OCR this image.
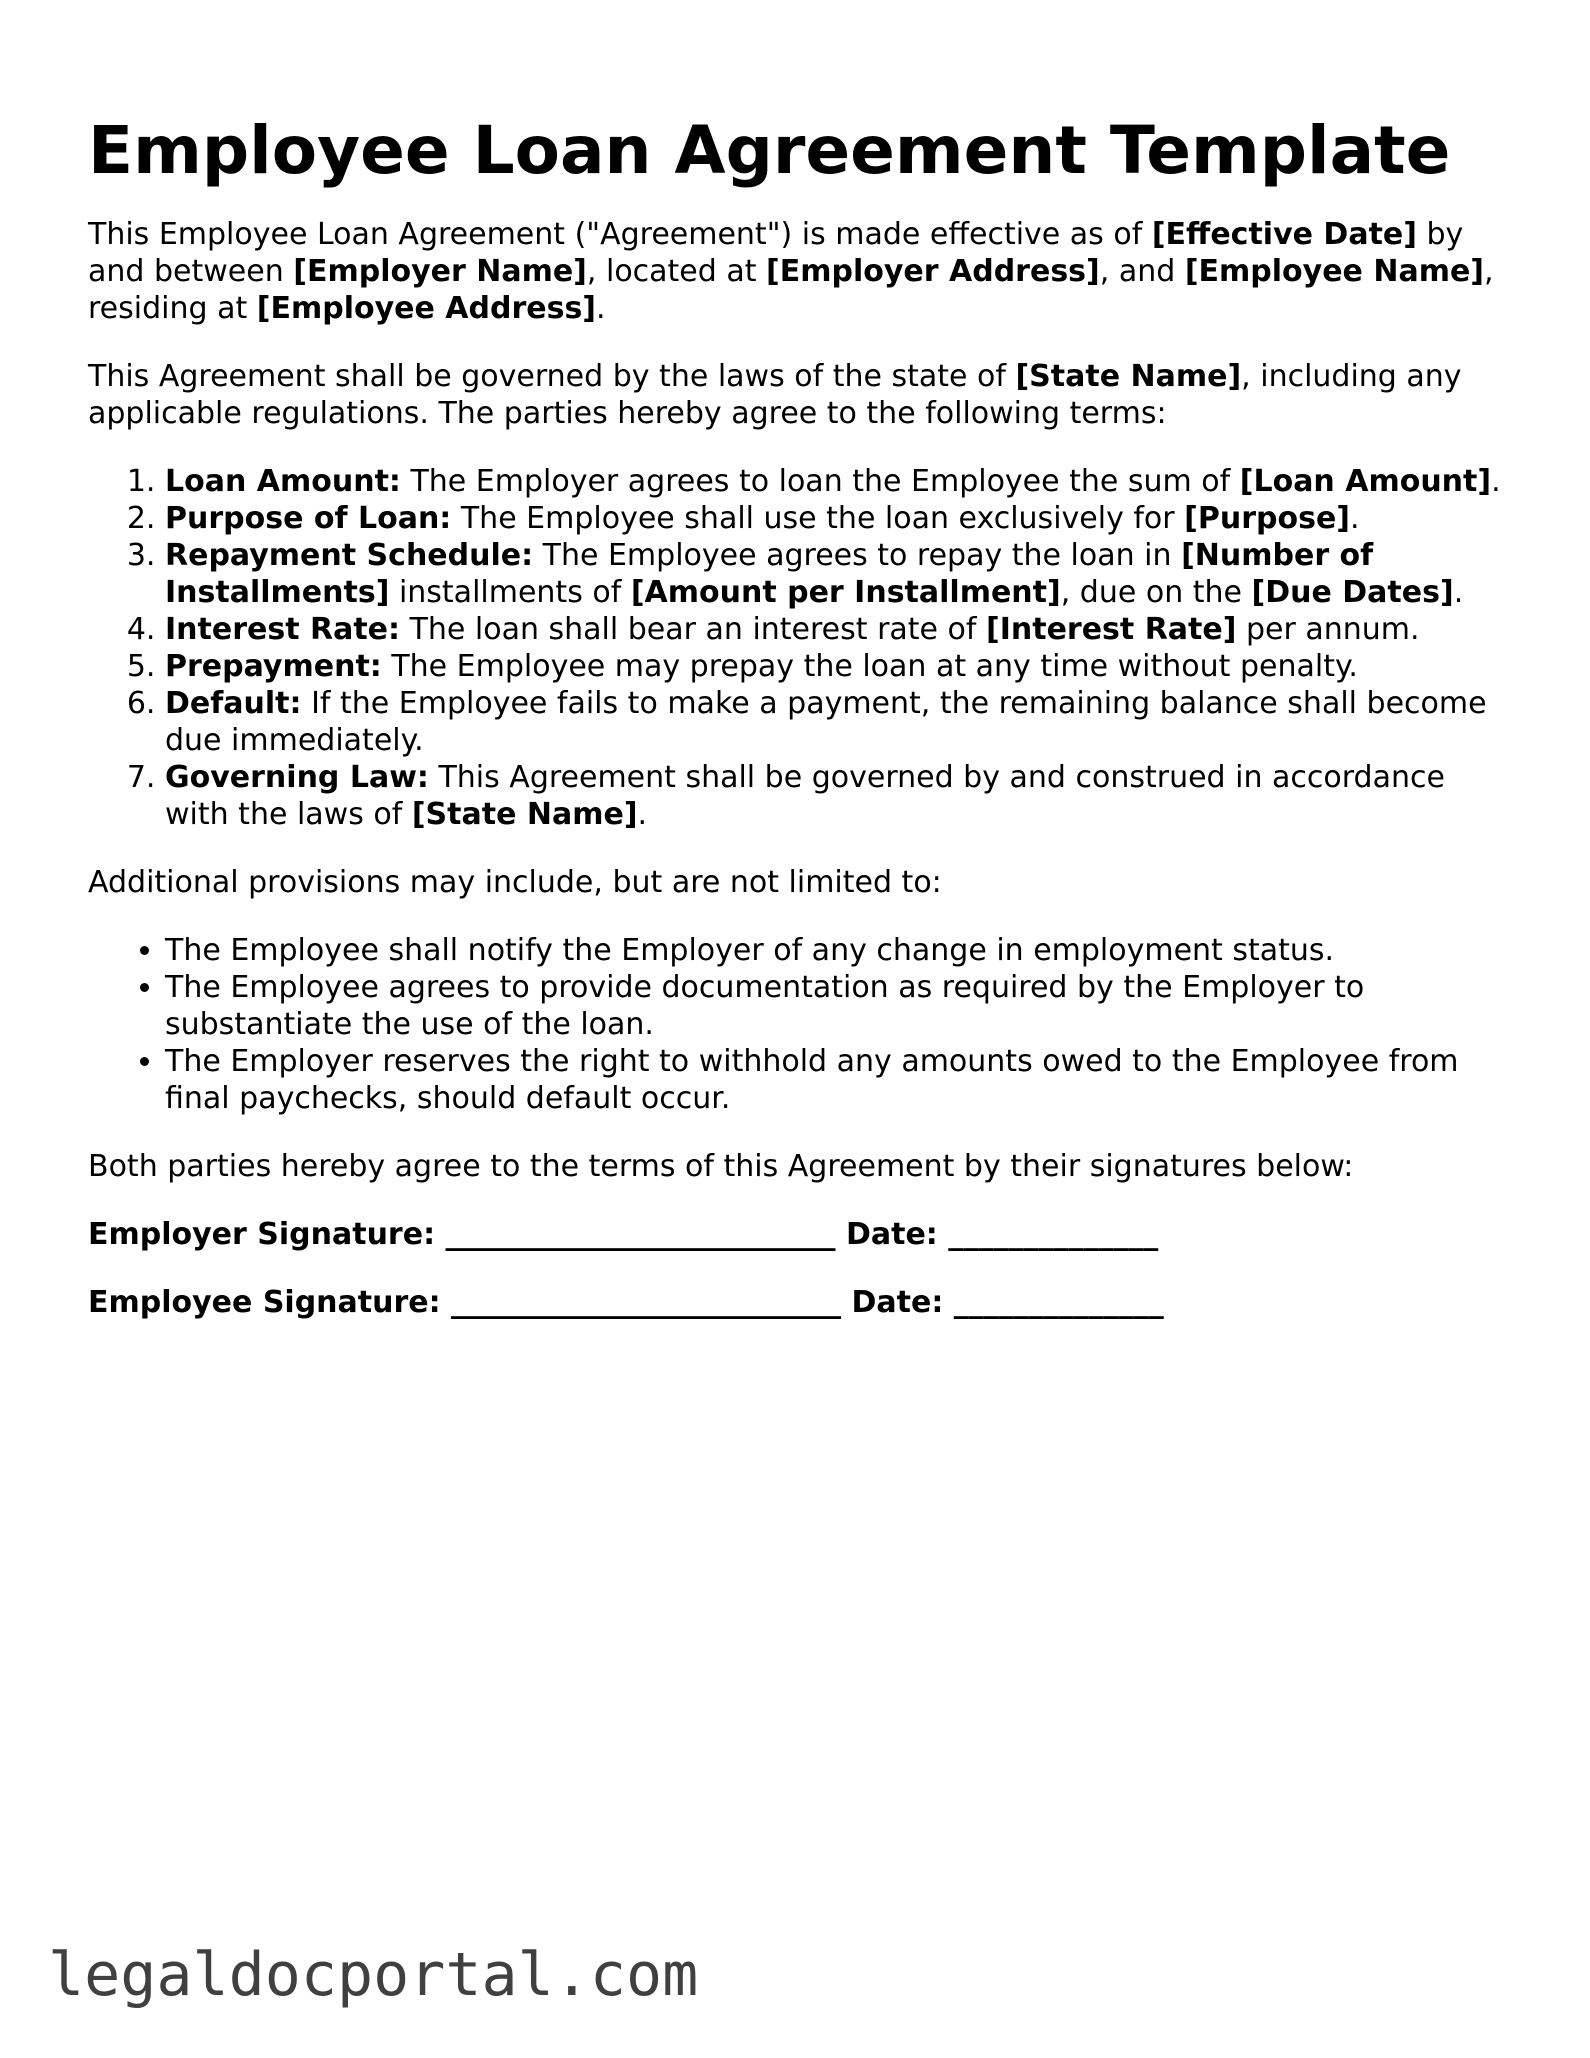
Employee Loan Agreement Template

This Employee Loan Agreement ("Agreement") is made effective as of [Effective Date] by and between [Employer Name], located at [Employer Address], and [Employee Name], residing at [Employee Address].

This Agreement shall be governed by the laws of the state of [State Name], including any applicable regulations. The parties hereby agree to the following terms:

1. Loan Amount: The Employer agrees to loan the Employee the sum of [Loan Amount].
2. Purpose of Loan: The Employee shall use the loan exclusively for [Purpose].
3. Repayment Schedule: The Employee agrees to repay the loan in [Number of Installments] installments of [Amount per Installment], due on the [Due Dates].
4. Interest Rate: The loan shall bear an interest rate of [Interest Rate] per annum.
5. Prepayment: The Employee may prepay the loan at any time without penalty.
6. Default: If the Employee fails to make a payment, the remaining balance shall become due immediately.
7. Governing Law: This Agreement shall be governed by and construed in accordance with the laws of [State Name].

Additional provisions may include, but are not limited to:

• The Employee shall notify the Employer of any change in employment status.
• The Employee agrees to provide documentation as required by the Employer to substantiate the use of the loan.
• The Employer reserves the right to withhold any amounts owed to the Employee from final paychecks, should default occur.

Both parties hereby agree to the terms of this Agreement by their signatures below:

Employer Signature: __________________________ Date: ______________

Employee Signature: __________________________ Date: ______________

legaldocportal.com
